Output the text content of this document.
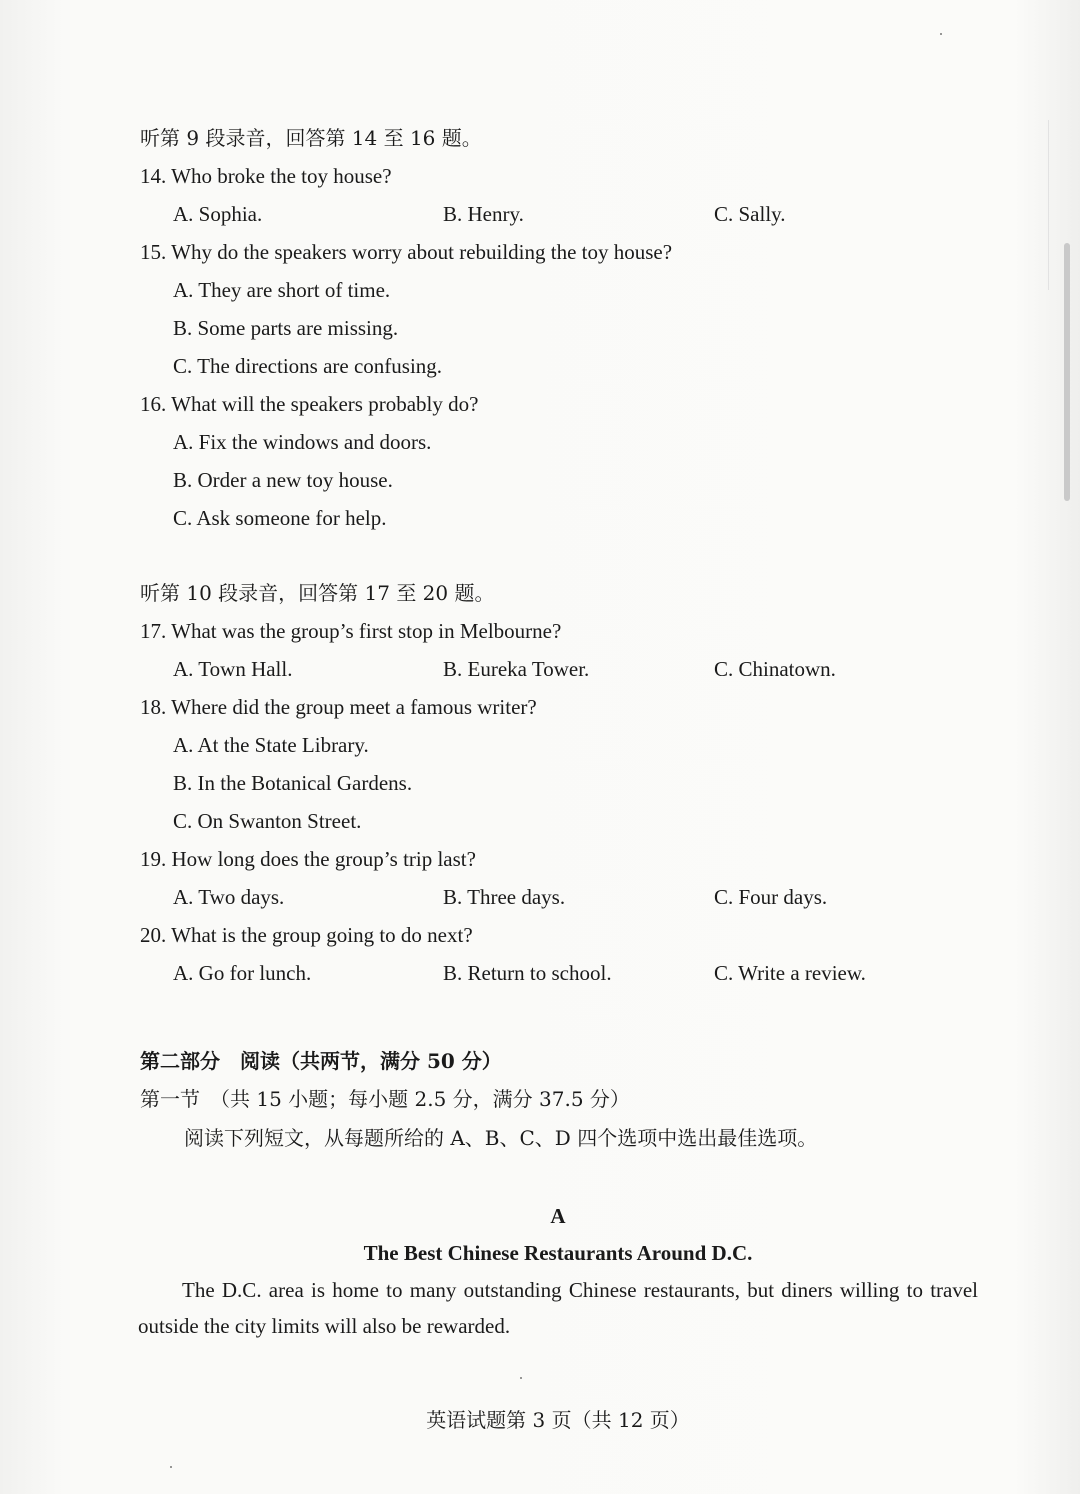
听第 9 段录音，回答第 14 至 16 题。
14. Who broke the toy house?
A. Sophia.	B. Henry.	C. Sally.
15. Why do the speakers worry about rebuilding the toy house?
A. They are short of time.
B. Some parts are missing.
C. The directions are confusing.
16. What will the speakers probably do?
A. Fix the windows and doors.
B. Order a new toy house.
C. Ask someone for help.
听第 10 段录音，回答第 17 至 20 题。
17. What was the group’s first stop in Melbourne?
A. Town Hall.	B. Eureka Tower.	C. Chinatown.
18. Where did the group meet a famous writer?
A. At the State Library.
B. In the Botanical Gardens.
C. On Swanton Street.
19. How long does the group’s trip last?
A. Two days.	B. Three days.	C. Four days.
20. What is the group going to do next?
A. Go for lunch.	B. Return to school.	C. Write a review.
第二部分　阅读（共两节，满分 50 分）
第一节　（共 15 小题；每小题 2.5 分，满分 37.5 分）
阅读下列短文，从每题所给的 A、B、C、D 四个选项中选出最佳选项。
A
The Best Chinese Restaurants Around D.C.
The D.C. area is home to many outstanding Chinese restaurants, but diners willing to travel outside the city limits will also be rewarded.
英语试题第 3 页（共 12 页）
